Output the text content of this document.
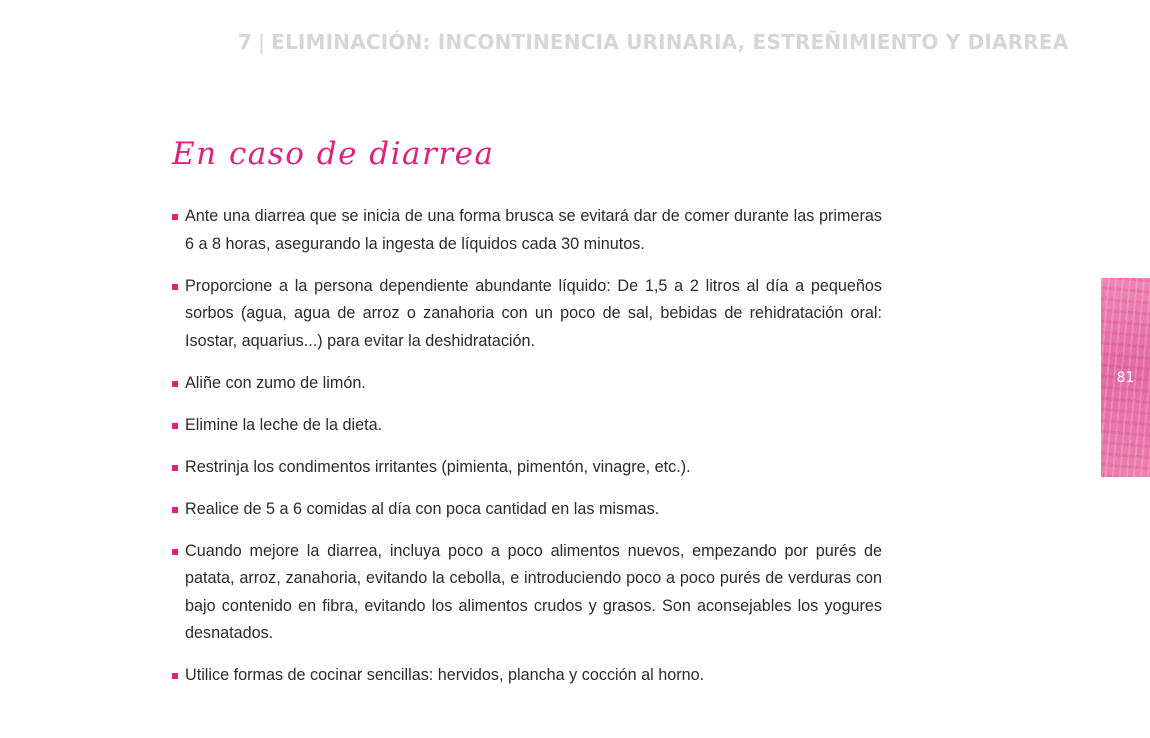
7 | ELIMINACIÓN: INCONTINENCIA URINARIA, ESTREÑIMIENTO Y DIARREA
En caso de diarrea
Ante una diarrea que se inicia de una forma brusca se evitará dar de comer durante las primeras 6 a 8 horas, asegurando la ingesta de líquidos cada 30 minutos.
Proporcione a la persona dependiente abundante líquido: De 1,5 a 2 litros al día a pequeños sorbos (agua, agua de arroz o zanahoria con un poco de sal, bebidas de rehidratación oral: Isostar, aquarius...) para evitar la deshidratación.
Aliñe con zumo de limón.
Elimine la leche de la dieta.
Restrinja los condimentos irritantes (pimienta, pimentón, vinagre, etc.).
Realice de 5 a 6 comidas al día con poca cantidad en las mismas.
Cuando mejore la diarrea, incluya poco a poco alimentos nuevos, empezando por purés de patata, arroz, zanahoria, evitando la cebolla, e introduciendo poco a poco purés de verduras con bajo contenido en fibra, evitando los alimentos crudos y grasos. Son aconsejables los yogures desnatados.
Utilice formas de cocinar sencillas: hervidos, plancha y cocción al horno.
81
